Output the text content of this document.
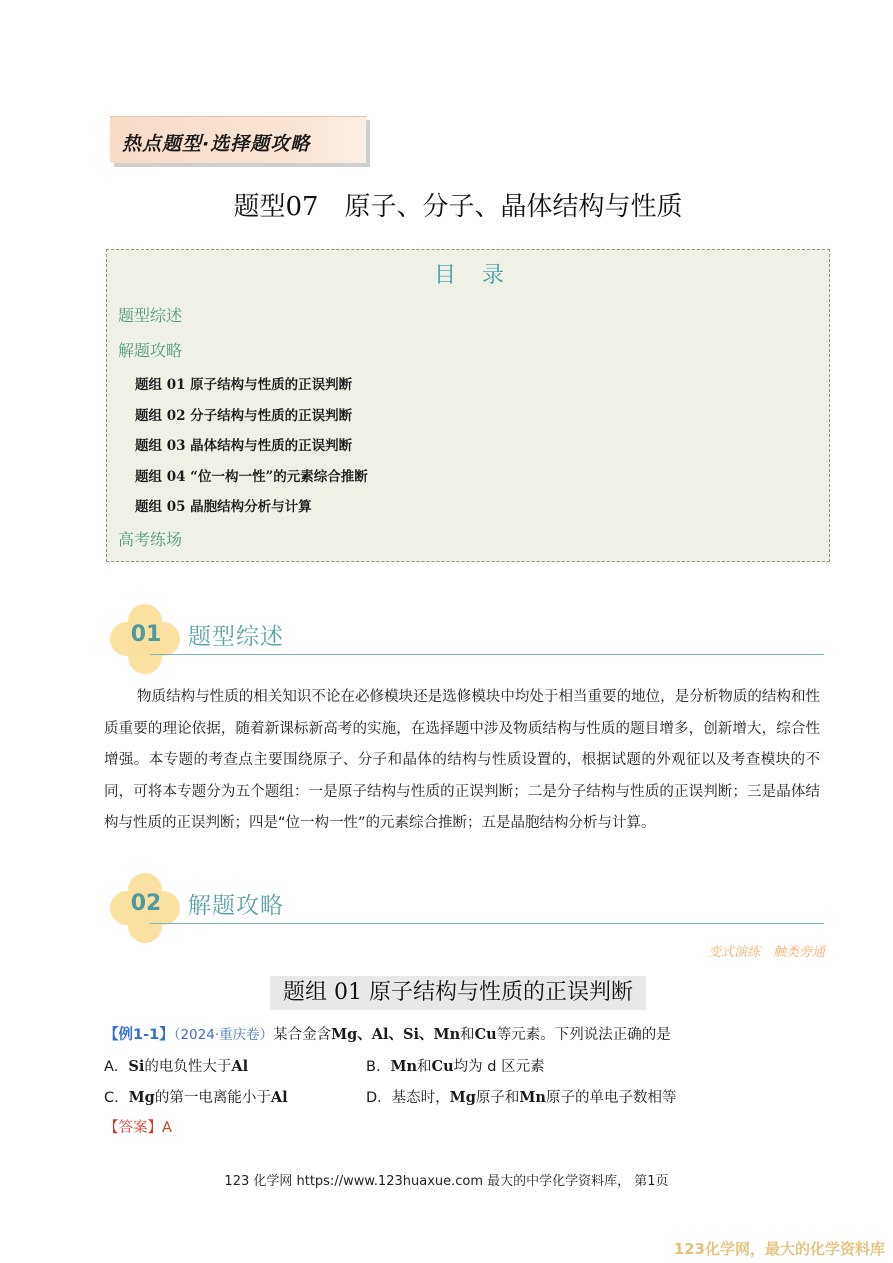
热点题型·选择题攻略
题型07　原子、分子、晶体结构与性质
目录
题型综述
解题攻略
题组 01 原子结构与性质的正误判断
题组 02 分子结构与性质的正误判断
题组 03 晶体结构与性质的正误判断
题组 04 “位一构一性”的元素综合推断
题组 05 晶胞结构分析与计算
高考练场
01	题型综述
物质结构与性质的相关知识不论在必修模块还是选修模块中均处于相当重要的地位，是分析物质的结构和性质重要的理论依据，随着新课标新高考的实施，在选择题中涉及物质结构与性质的题目增多，创新增大，综合性增强。本专题的考查点主要围绕原子、分子和晶体的结构与性质设置的，根据试题的外观征以及考查模块的不同，可将本专题分为五个题组：一是原子结构与性质的正误判断；二是分子结构与性质的正误判断；三是晶体结构与性质的正误判断；四是“位一构一性”的元素综合推断；五是晶胞结构分析与计算。
02	解题攻略
变式演练　触类旁通
题组 01 原子结构与性质的正误判断
【例1-1】（2024·重庆卷）某合金含Mg、Al、Si、Mn和Cu等元素。下列说法正确的是
A．Si的电负性大于Al	B．Mn和Cu均为 d 区元素
C．Mg的第一电离能小于Al	D．基态时，Mg原子和Mn原子的单电子数相等
【答案】A
123 化学网 https://www.123huaxue.com 最大的中学化学资料库， 第1页
123化学网，最大的化学资料库
